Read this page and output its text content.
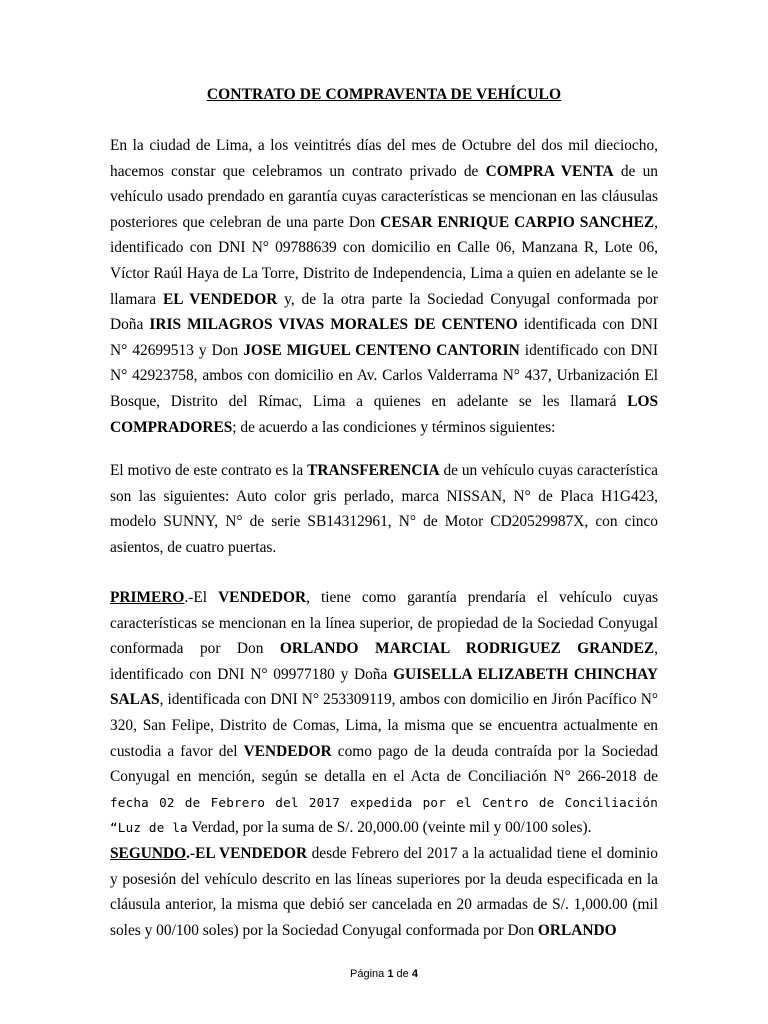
CONTRATO DE COMPRAVENTA DE VEHÍCULO

En la ciudad de Lima, a los veintitrés días del mes de Octubre del dos mil dieciocho, hacemos constar que celebramos un contrato privado de COMPRA VENTA de un vehículo usado prendado en garantía cuyas características se mencionan en las cláusulas posteriores que celebran de una parte Don CESAR ENRIQUE CARPIO SANCHEZ, identificado con DNI N° 09788639 con domicilio en Calle 06, Manzana R, Lote 06, Víctor Raúl Haya de La Torre, Distrito de Independencia, Lima a quien en adelante se le llamara EL VENDEDOR y, de la otra parte la Sociedad Conyugal conformada por Doña IRIS MILAGROS VIVAS MORALES DE CENTENO identificada con DNI N° 42699513 y Don JOSE MIGUEL CENTENO CANTORIN identificado con DNI N° 42923758, ambos con domicilio en Av. Carlos Valderrama N° 437, Urbanización El Bosque, Distrito del Rímac, Lima a quienes en adelante se les llamará LOS COMPRADORES; de acuerdo a las condiciones y términos siguientes:

El motivo de este contrato es la TRANSFERENCIA de un vehículo cuyas característica son las siguientes: Auto color gris perlado, marca NISSAN, N° de Placa H1G423, modelo SUNNY, N° de serie SB14312961, N° de Motor CD20529987X, con cinco asientos, de cuatro puertas.

PRIMERO.-El VENDEDOR, tiene como garantía prendaría el vehículo cuyas características se mencionan en la línea superior, de propiedad de la Sociedad Conyugal conformada por Don ORLANDO MARCIAL RODRIGUEZ GRANDEZ, identificado con DNI N° 09977180 y Doña GUISELLA ELIZABETH CHINCHAY SALAS, identificada con DNI N° 253309119, ambos con domicilio en Jirón Pacífico N° 320, San Felipe, Distrito de Comas, Lima, la misma que se encuentra actualmente en custodia a favor del VENDEDOR como pago de la deuda contraída por la Sociedad Conyugal en mención, según se detalla en el Acta de Conciliación N° 266-2018 de fecha 02 de Febrero del 2017 expedida por el Centro de Conciliación “Luz de la Verdad, por la suma de S/. 20,000.00 (veinte mil y 00/100 soles).

SEGUNDO.-EL VENDEDOR desde Febrero del 2017 a la actualidad tiene el dominio y posesión del vehículo descrito en las líneas superiores por la deuda especificada en la cláusula anterior, la misma que debió ser cancelada en 20 armadas de S/. 1,000.00 (mil soles y 00/100 soles) por la Sociedad Conyugal conformada por Don ORLANDO

Página 1 de 4
